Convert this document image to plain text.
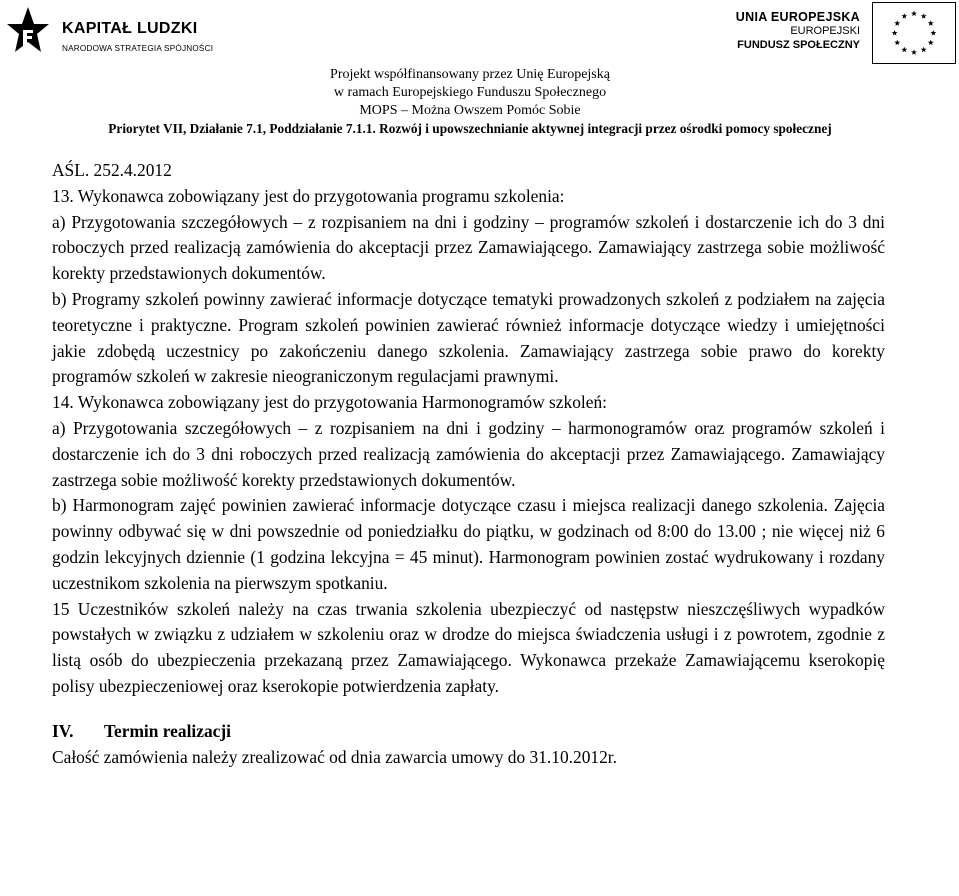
KAPITAŁ LUDZKI
NARODOWA STRATEGIA SPÓJNOŚCI
UNIA EUROPEJSKA
EUROPEJSKI
FUNDUSZ SPOŁECZNY
Projekt współfinansowany przez Unię Europejską
w ramach Europejskiego Funduszu Społecznego
MOPS – Można Owszem Pomóc Sobie
Priorytet VII, Działanie 7.1, Poddziałanie 7.1.1. Rozwój i upowszechnianie aktywnej integracji przez ośrodki pomocy społecznej

AŚL. 252.4.2012

13. Wykonawca zobowiązany jest do przygotowania programu szkolenia:

a) Przygotowania szczegółowych – z rozpisaniem na dni i godziny – programów szkoleń i dostarczenie ich do 3 dni roboczych przed realizacją zamówienia do akceptacji przez Zamawiającego. Zamawiający zastrzega sobie możliwość korekty przedstawionych dokumentów.

b) Programy szkoleń powinny zawierać informacje dotyczące tematyki prowadzonych szkoleń z podziałem na zajęcia teoretyczne i praktyczne. Program szkoleń powinien zawierać również informacje dotyczące wiedzy i umiejętności jakie zdobędą uczestnicy po zakończeniu danego szkolenia. Zamawiający zastrzega sobie prawo do korekty programów szkoleń w zakresie nieograniczonym regulacjami prawnymi.

14. Wykonawca zobowiązany jest do przygotowania Harmonogramów szkoleń:

a) Przygotowania szczegółowych – z rozpisaniem na dni i godziny – harmonogramów oraz programów szkoleń i dostarczenie ich do 3 dni roboczych przed realizacją zamówienia do akceptacji przez Zamawiającego. Zamawiający zastrzega sobie możliwość korekty przedstawionych dokumentów.

b) Harmonogram zajęć powinien zawierać informacje dotyczące czasu i miejsca realizacji danego szkolenia. Zajęcia powinny odbywać się w dni powszednie od poniedziałku do piątku, w godzinach od 8:00 do 13.00 ; nie więcej niż 6 godzin lekcyjnych dziennie (1 godzina lekcyjna = 45 minut). Harmonogram powinien zostać wydrukowany i rozdany uczestnikom szkolenia na pierwszym spotkaniu.

15 Uczestników szkoleń należy na czas trwania szkolenia ubezpieczyć od następstw nieszczęśliwych wypadków powstałych w związku z udziałem w szkoleniu oraz w drodze do miejsca świadczenia usługi i z powrotem, zgodnie z listą osób do ubezpieczenia przekazaną przez Zamawiającego. Wykonawca przekaże Zamawiającemu kserokopię polisy ubezpieczeniowej oraz kserokopie potwierdzenia zapłaty.

IV. Termin realizacji

Całość zamówienia należy zrealizować od dnia zawarcia umowy do 31.10.2012r.
